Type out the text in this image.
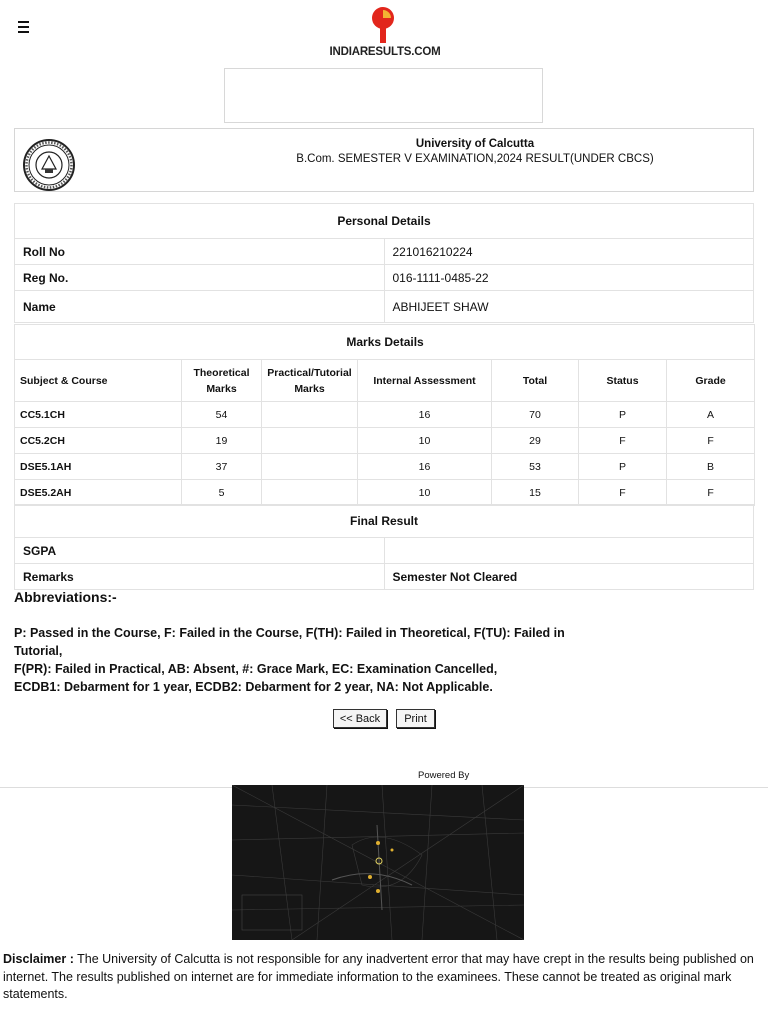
INDIARESULTS.COM
University of Calcutta
B.Com. SEMESTER V EXAMINATION,2024 RESULT(UNDER CBCS)
Personal Details	
Roll No	221016210224
Reg No.	016-1111-0485-22
Name	ABHIJEET SHAW
Marks Details						
Subject & Course	Theoretical Marks	Practical/Tutorial Marks	Internal Assessment	Total	Status	Grade
CC5.1CH	54		16	70	P	A
CC5.2CH	19		10	29	F	F
DSE5.1AH	37		16	53	P	B
DSE5.2AH	5		10	15	F	F
Final Result	
SGPA	
Remarks	Semester Not Cleared
Abbreviations:-
P: Passed in the Course, F: Failed in the Course, F(TH): Failed in Theoretical, F(TU): Failed in Tutorial,
F(PR): Failed in Practical, AB: Absent, #: Grace Mark, EC: Examination Cancelled,
ECDB1: Debarment for 1 year, ECDB2: Debarment for 2 year, NA: Not Applicable.
<< Back	Print
Powered By
Disclaimer : The University of Calcutta is not responsible for any inadvertent error that may have crept in the results being published on internet. The results published on internet are for immediate information to the examinees. These cannot be treated as original mark statements.
